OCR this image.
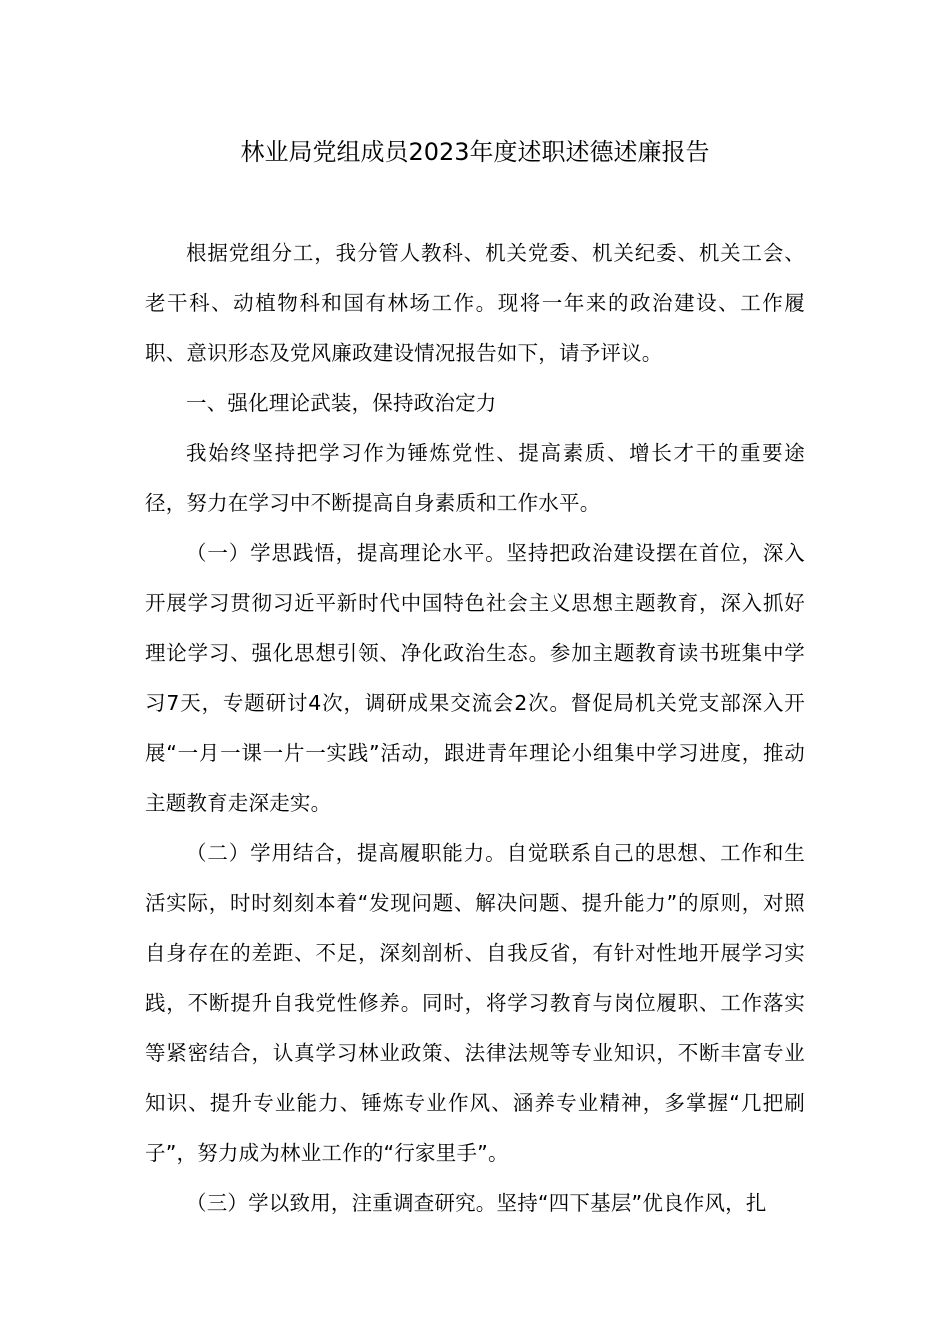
林业局党组成员2023年度述职述德述廉报告

根据党组分工，我分管人教科、机关党委、机关纪委、机关工会、老干科、动植物科和国有林场工作。现将一年来的政治建设、工作履职、意识形态及党风廉政建设情况报告如下，请予评议。

一、强化理论武装，保持政治定力

我始终坚持把学习作为锤炼党性、提高素质、增长才干的重要途径，努力在学习中不断提高自身素质和工作水平。

（一）学思践悟，提高理论水平。坚持把政治建设摆在首位，深入开展学习贯彻习近平新时代中国特色社会主义思想主题教育，深入抓好理论学习、强化思想引领、净化政治生态。参加主题教育读书班集中学习7天，专题研讨4次，调研成果交流会2次。督促局机关党支部深入开展“一月一课一片一实践”活动，跟进青年理论小组集中学习进度，推动主题教育走深走实。

（二）学用结合，提高履职能力。自觉联系自己的思想、工作和生活实际，时时刻刻本着“发现问题、解决问题、提升能力”的原则，对照自身存在的差距、不足，深刻剖析、自我反省，有针对性地开展学习实践，不断提升自我党性修养。同时，将学习教育与岗位履职、工作落实等紧密结合，认真学习林业政策、法律法规等专业知识，不断丰富专业知识、提升专业能力、锤炼专业作风、涵养专业精神，多掌握“几把刷子”，努力成为林业工作的“行家里手”。

（三）学以致用，注重调查研究。坚持“四下基层”优良作风，扎
